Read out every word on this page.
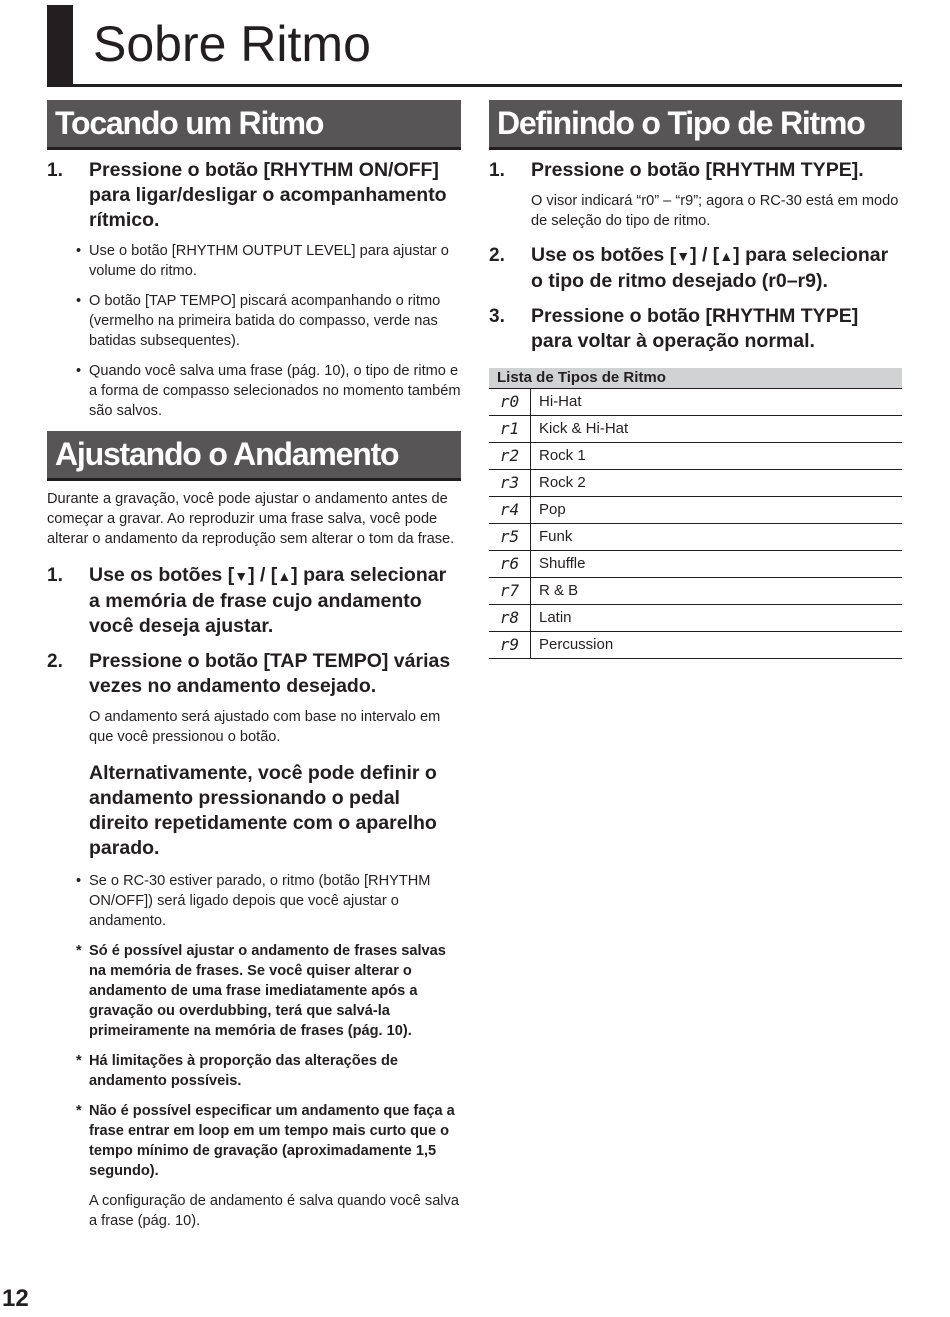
Sobre Ritmo
Tocando um Ritmo
1.	Pressione o botão [RHYTHM ON/OFF] para ligar/desligar o acompanhamento rítmico.
• Use o botão [RHYTHM OUTPUT LEVEL] para ajustar o volume do ritmo.
• O botão [TAP TEMPO] piscará acompanhando o ritmo (vermelho na primeira batida do compasso, verde nas batidas subsequentes).
• Quando você salva uma frase (pág. 10), o tipo de ritmo e a forma de compasso selecionados no momento também são salvos.
Ajustando o Andamento
Durante a gravação, você pode ajustar o andamento antes de começar a gravar. Ao reproduzir uma frase salva, você pode alterar o andamento da reprodução sem alterar o tom da frase.
1.	Use os botões [▼] / [▲] para selecionar a memória de frase cujo andamento você deseja ajustar.
2.	Pressione o botão [TAP TEMPO] várias vezes no andamento desejado.
O andamento será ajustado com base no intervalo em que você pressionou o botão.
Alternativamente, você pode definir o andamento pressionando o pedal direito repetidamente com o aparelho parado.
• Se o RC-30 estiver parado, o ritmo (botão [RHYTHM ON/OFF]) será ligado depois que você ajustar o andamento.
* Só é possível ajustar o andamento de frases salvas na memória de frases. Se você quiser alterar o andamento de uma frase imediatamente após a gravação ou overdubbing, terá que salvá-la primeiramente na memória de frases (pág. 10).
* Há limitações à proporção das alterações de andamento possíveis.
* Não é possível especificar um andamento que faça a frase entrar em loop em um tempo mais curto que o tempo mínimo de gravação (aproximadamente 1,5 segundo).
A configuração de andamento é salva quando você salva a frase (pág. 10).
Definindo o Tipo de Ritmo
1.	Pressione o botão [RHYTHM TYPE].
O visor indicará “r0” – “r9”; agora o RC-30 está em modo de seleção do tipo de ritmo.
2.	Use os botões [▼] / [▲] para selecionar o tipo de ritmo desejado (r0–r9).
3.	Pressione o botão [RHYTHM TYPE] para voltar à operação normal.
Lista de Tipos de Ritmo	
r0	Hi-Hat
r1	Kick & Hi-Hat
r2	Rock 1
r3	Rock 2
r4	Pop
r5	Funk
r6	Shuffle
r7	R & B
r8	Latin
r9	Percussion
12
